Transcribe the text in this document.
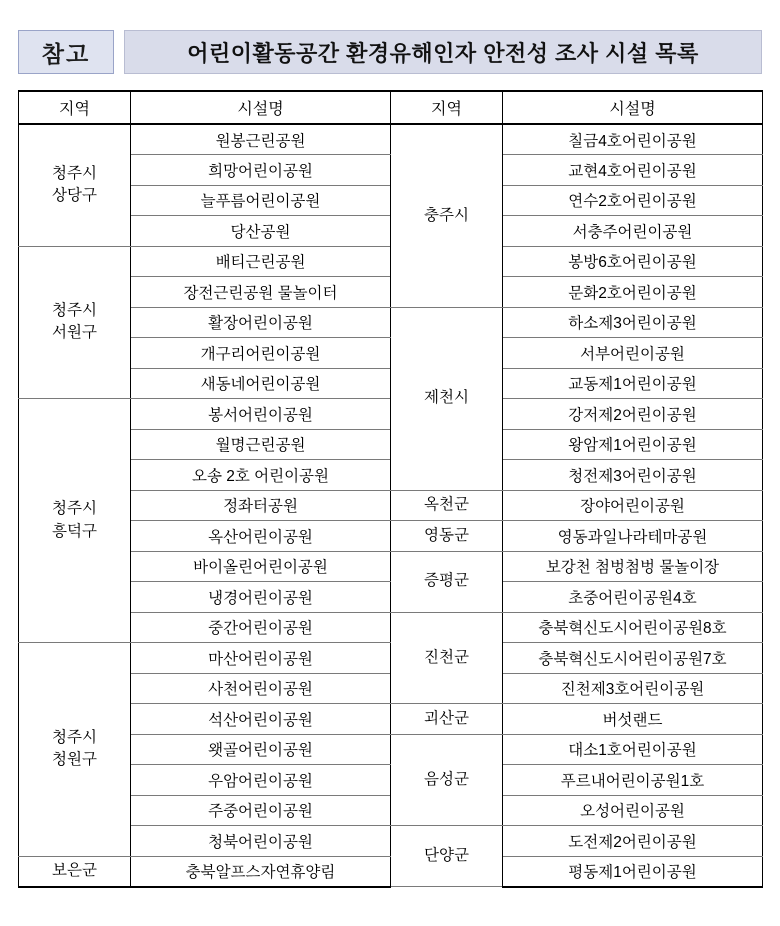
참고	어린이활동공간 환경유해인자 안전성 조사 시설 목록
지역	시설명	지역	시설명
청주시
상당구	원봉근린공원	충주시	칠금4호어린이공원
	희망어린이공원		교현4호어린이공원
	늘푸름어린이공원		연수2호어린이공원
	당산공원		서충주어린이공원
청주시
서원구	배티근린공원		봉방6호어린이공원
	장전근린공원 물놀이터		문화2호어린이공원
	활장어린이공원	제천시	하소제3어린이공원
	개구리어린이공원		서부어린이공원
	새동네어린이공원		교동제1어린이공원
청주시
흥덕구	봉서어린이공원		강저제2어린이공원
	월명근린공원		왕암제1어린이공원
	오송 2호 어린이공원		청전제3어린이공원
	정좌터공원	옥천군	장야어린이공원
	옥산어린이공원	영동군	영동과일나라테마공원
	바이올린어린이공원	증평군	보강천 첨벙첨벙 물놀이장
	냉경어린이공원		초중어린이공원4호
	중간어린이공원	진천군	충북혁신도시어린이공원8호
청주시
청원구	마산어린이공원		충북혁신도시어린이공원7호
	사천어린이공원		진천제3호어린이공원
	석산어린이공원	괴산군	버섯랜드
	왯골어린이공원	음성군	대소1호어린이공원
	우암어린이공원		푸르내어린이공원1호
	주중어린이공원		오성어린이공원
	청북어린이공원	단양군	도전제2어린이공원
보은군	충북알프스자연휴양림		평동제1어린이공원
